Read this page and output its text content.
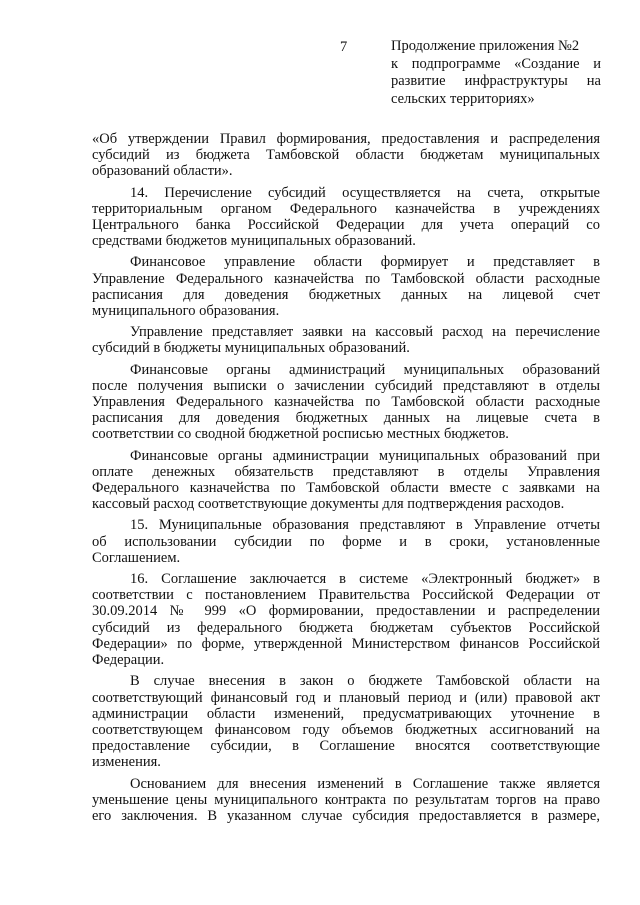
7	Продолжение приложения №2
к подпрограмме «Создание и
развитие инфраструктуры на
сельских территориях»
«Об утверждении Правил формирования, предоставления и распределения
субсидий из бюджета Тамбовской области бюджетам муниципальных
образований области».
14. Перечисление субсидий осуществляется на счета, открытые
территориальным органом Федерального казначейства в учреждениях
Центрального банка Российской Федерации для учета операций со
средствами бюджетов муниципальных образований.
Финансовое управление области формирует и представляет в
Управление Федерального казначейства по Тамбовской области расходные
расписания для доведения бюджетных данных на лицевой счет
муниципального образования.
Управление представляет заявки на кассовый расход на перечисление
субсидий в бюджеты муниципальных образований.
Финансовые органы администраций муниципальных образований
после получения выписки о зачислении субсидий представляют в отделы
Управления Федерального казначейства по Тамбовской области расходные
расписания для доведения бюджетных данных на лицевые счета в
соответствии со сводной бюджетной росписью местных бюджетов.
Финансовые органы администрации муниципальных образований при
оплате денежных обязательств представляют в отделы Управления
Федерального казначейства по Тамбовской области вместе с заявками на
кассовый расход соответствующие документы для подтверждения расходов.
15. Муниципальные образования представляют в Управление отчеты
об использовании субсидии по форме и в сроки, установленные
Соглашением.
16. Соглашение заключается в системе «Электронный бюджет» в
соответствии с постановлением Правительства Российской Федерации от
30.09.2014 № 999 «О формировании, предоставлении и распределении
субсидий из федерального бюджета бюджетам субъектов Российской
Федерации» по форме, утвержденной Министерством финансов Российской
Федерации.
В случае внесения в закон о бюджете Тамбовской области на
соответствующий финансовый год и плановый период и (или) правовой акт
администрации области изменений, предусматривающих уточнение в
соответствующем финансовом году объемов бюджетных ассигнований на
предоставление субсидии, в Соглашение вносятся соответствующие
изменения.
Основанием для внесения изменений в Соглашение также является
уменьшение цены муниципального контракта по результатам торгов на право
его заключения. В указанном случае субсидия предоставляется в размере,
